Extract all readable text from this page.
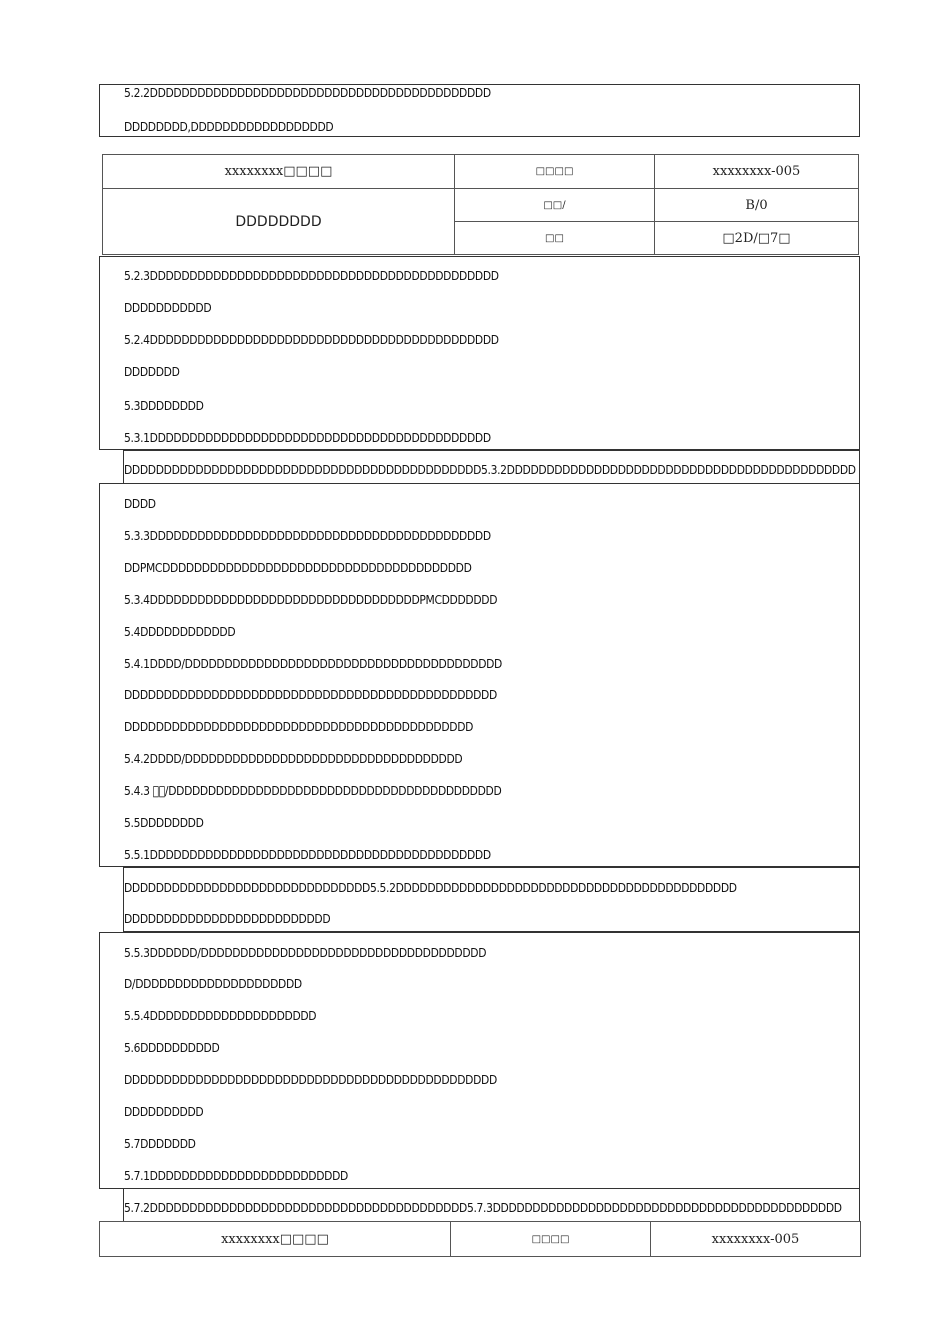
5.2.2DDDDDDDDDDDDDDDDDDDDDDDDDDDDDDDDDDDDDDDDDDD
DDDDDDDD,DDDDDDDDDDDDDDDDDD
xxxxxxxx□□□□	□□□□	xxxxxxxx-005
DDDDDDDD	□□/	B/0
	□□	□2D/□7□
5.2.3DDDDDDDDDDDDDDDDDDDDDDDDDDDDDDDDDDDDDDDDDDDD
DDDDDDDDDDD
5.2.4DDDDDDDDDDDDDDDDDDDDDDDDDDDDDDDDDDDDDDDDDDDD
DDDDDDD
5.3DDDDDDDD
5.3.1DDDDDDDDDDDDDDDDDDDDDDDDDDDDDDDDDDDDDDDDDDD
DDDDDDDDDDDDDDDDDDDDDDDDDDDDDDDDDDDDDDDDDDDDD5.3.2DDDDDDDDDDDDDDDDDDDDDDDDDDDDDDDDDDDDDDDDDDDD
DDDD
5.3.3DDDDDDDDDDDDDDDDDDDDDDDDDDDDDDDDDDDDDDDDDDD
DDPMCDDDDDDDDDDDDDDDDDDDDDDDDDDDDDDDDDDDDDDD
5.3.4DDDDDDDDDDDDDDDDDDDDDDDDDDDDDDDDDDPMCDDDDDDD
5.4DDDDDDDDDDDD
5.4.1DDDD/DDDDDDDDDDDDDDDDDDDDDDDDDDDDDDDDDDDDDDDD
DDDDDDDDDDDDDDDDDDDDDDDDDDDDDDDDDDDDDDDDDDDDDDD
DDDDDDDDDDDDDDDDDDDDDDDDDDDDDDDDDDDDDDDDDDDD
5.4.2DDDD/DDDDDDDDDDDDDDDDDDDDDDDDDDDDDDDDDDD
5.4.3   /DDDDDDDDDDDDDDDDDDDDDDDDDDDDDDDDDDDDDDDDDD
5.5DDDDDDDD
5.5.1DDDDDDDDDDDDDDDDDDDDDDDDDDDDDDDDDDDDDDDDDDD
DDDDDDDDDDDDDDDDDDDDDDDDDDDDDDD5.5.2DDDDDDDDDDDDDDDDDDDDDDDDDDDDDDDDDDDDDDDDDDD
DDDDDDDDDDDDDDDDDDDDDDDDDD
5.5.3DDDDDD/DDDDDDDDDDDDDDDDDDDDDDDDDDDDDDDDDDDD
D/DDDDDDDDDDDDDDDDDDDDD
5.5.4DDDDDDDDDDDDDDDDDDDDD
5.6DDDDDDDDDD
DDDDDDDDDDDDDDDDDDDDDDDDDDDDDDDDDDDDDDDDDDDDDDD
DDDDDDDDDD
5.7DDDDDDD
5.7.1DDDDDDDDDDDDDDDDDDDDDDDDD
5.7.2DDDDDDDDDDDDDDDDDDDDDDDDDDDDDDDDDDDDDDDD5.7.3DDDDDDDDDDDDDDDDDDDDDDDDDDDDDDDDDDDDDDDDDDDD
xxxxxxxx□□□□	□□□□	xxxxxxxx-005
